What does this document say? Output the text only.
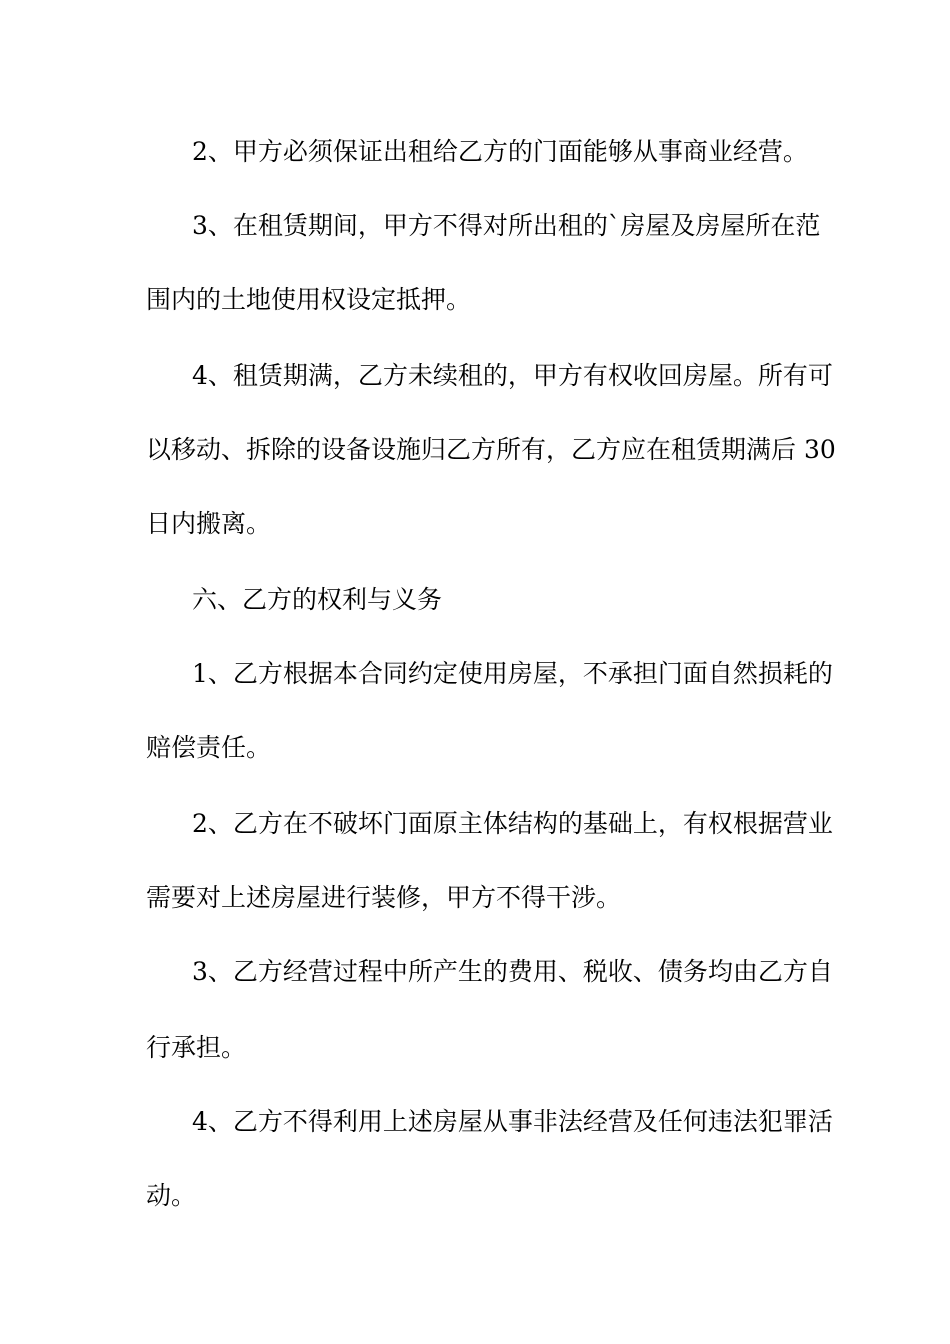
2、甲方必须保证出租给乙方的门面能够从事商业经营。
3、在租赁期间，甲方不得对所出租的`房屋及房屋所在范
围内的土地使用权设定抵押。
4、租赁期满，乙方未续租的，甲方有权收回房屋。所有可
以移动、拆除的设备设施归乙方所有，乙方应在租赁期满后 30
日内搬离。
六、乙方的权利与义务
1、乙方根据本合同约定使用房屋，不承担门面自然损耗的
赔偿责任。
2、乙方在不破坏门面原主体结构的基础上，有权根据营业
需要对上述房屋进行装修，甲方不得干涉。
3、乙方经营过程中所产生的费用、税收、债务均由乙方自
行承担。
4、乙方不得利用上述房屋从事非法经营及任何违法犯罪活
动。
